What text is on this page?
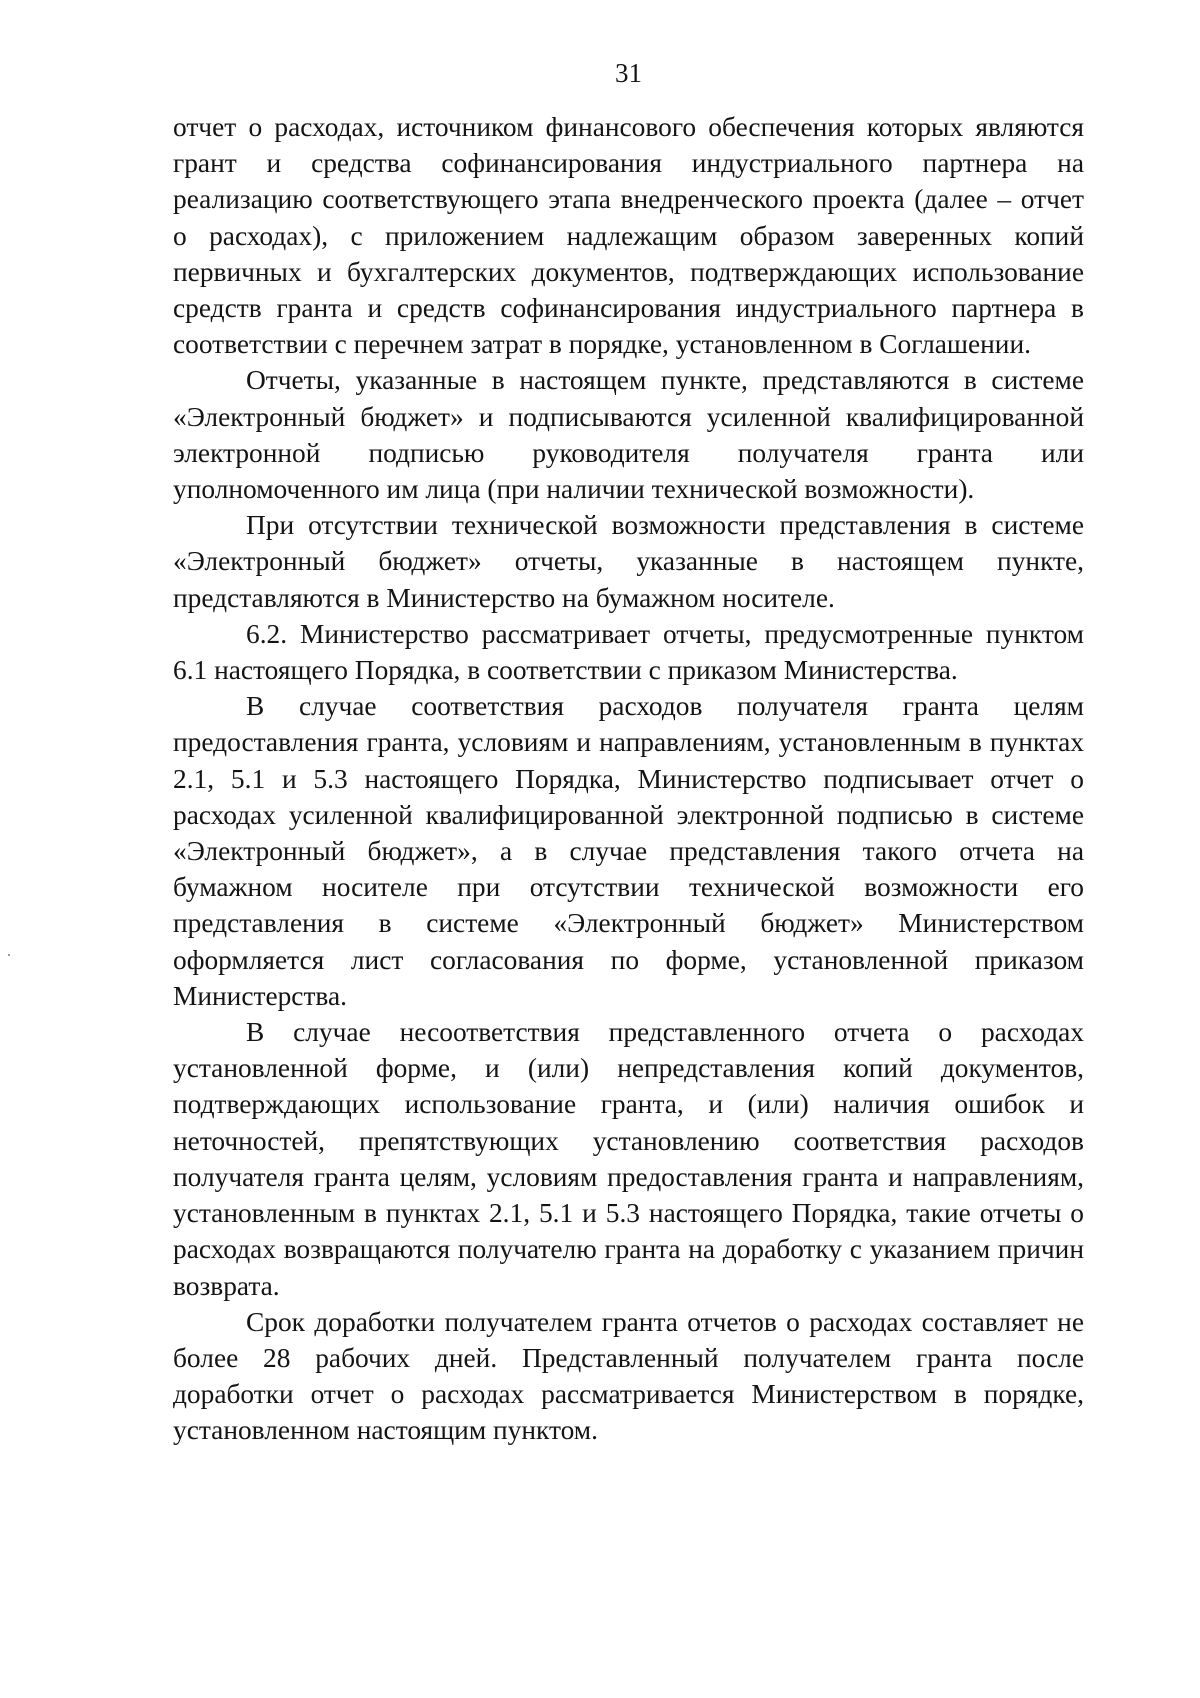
31

отчет о расходах, источником финансового обеспечения которых являются грант и средства софинансирования индустриального партнера на реализацию соответствующего этапа внедренческого проекта (далее – отчет о расходах), с приложением надлежащим образом заверенных копий первичных и бухгалтерских документов, подтверждающих использование средств гранта и средств софинансирования индустриального партнера в соответствии с перечнем затрат в порядке, установленном в Соглашении.

Отчеты, указанные в настоящем пункте, представляются в системе «Электронный бюджет» и подписываются усиленной квалифицированной электронной подписью руководителя получателя гранта или уполномоченного им лица (при наличии технической возможности).

При отсутствии технической возможности представления в системе «Электронный бюджет» отчеты, указанные в настоящем пункте, представляются в Министерство на бумажном носителе.

6.2. Министерство рассматривает отчеты, предусмотренные пунктом 6.1 настоящего Порядка, в соответствии с приказом Министерства.

В случае соответствия расходов получателя гранта целям предоставления гранта, условиям и направлениям, установленным в пунктах 2.1, 5.1 и 5.3 настоящего Порядка, Министерство подписывает отчет о расходах усиленной квалифицированной электронной подписью в системе «Электронный бюджет», а в случае представления такого отчета на бумажном носителе при отсутствии технической возможности его представления в системе «Электронный бюджет» Министерством оформляется лист согласования по форме, установленной приказом Министерства.

В случае несоответствия представленного отчета о расходах установленной форме, и (или) непредставления копий документов, подтверждающих использование гранта, и (или) наличия ошибок и неточностей, препятствующих установлению соответствия расходов получателя гранта целям, условиям предоставления гранта и направлениям, установленным в пунктах 2.1, 5.1 и 5.3 настоящего Порядка, такие отчеты о расходах возвращаются получателю гранта на доработку с указанием причин возврата.

Срок доработки получателем гранта отчетов о расходах составляет не более 28 рабочих дней. Представленный получателем гранта после доработки отчет о расходах рассматривается Министерством в порядке, установленном настоящим пунктом.
